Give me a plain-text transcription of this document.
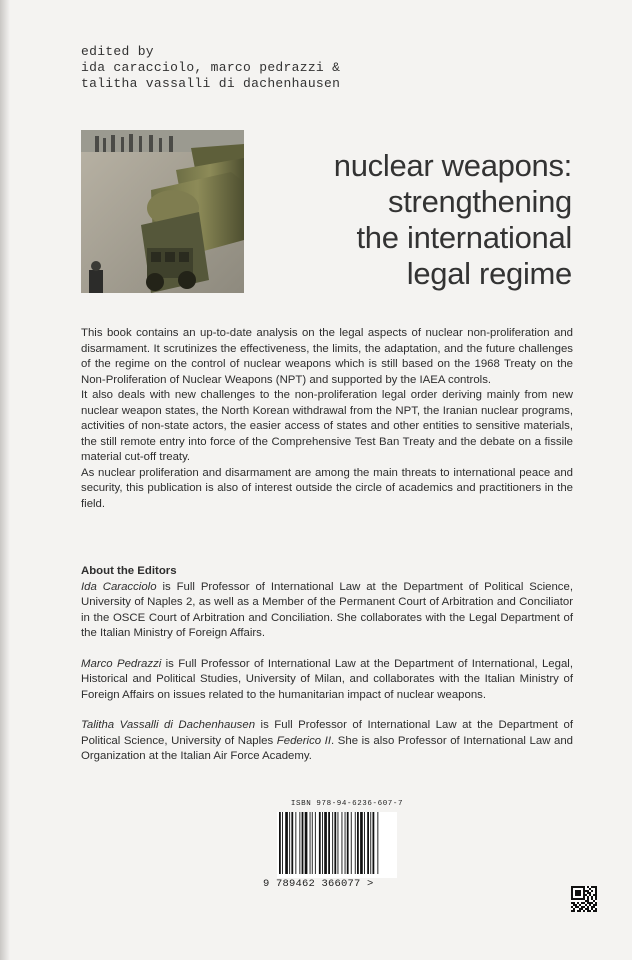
edited by
ida caracciolo, marco pedrazzi &
talitha vassalli di dachenhausen
nuclear weapons:
strengthening
the international
legal regime

This book contains an up-to-date analysis on the legal aspects of nuclear non-proliferation and disarmament. It scrutinizes the effectiveness, the limits, the adaptation, and the future challenges of the regime on the control of nuclear weapons which is still based on the 1968 Treaty on the Non-Proliferation of Nuclear Weapons (NPT) and supported by the IAEA controls.

It also deals with new challenges to the non-proliferation legal order deriving mainly from new nuclear weapon states, the North Korean withdrawal from the NPT, the Iranian nuclear programs, activities of non-state actors, the easier access of states and other entities to sensitive materials, the still remote entry into force of the Comprehensive Test Ban Treaty and the debate on a fissile material cut-off treaty.

As nuclear proliferation and disarmament are among the main threats to international peace and security, this publication is also of interest outside the circle of academics and practitioners in the field.

About the Editors

Ida Caracciolo is Full Professor of International Law at the Department of Political Science, University of Naples 2, as well as a Member of the Permanent Court of Arbitration and Conciliator in the OSCE Court of Arbitration and Conciliation. She collaborates with the Legal Department of the Italian Ministry of Foreign Affairs.

Marco Pedrazzi is Full Professor of International Law at the Department of International, Legal, Historical and Political Studies, University of Milan, and collaborates with the Italian Ministry of Foreign Affairs on issues related to the humanitarian impact of nuclear weapons.

Talitha Vassalli di Dachenhausen is Full Professor of International Law at the Department of Political Science, University of Naples Federico II. She is also Professor of International Law and Organization at the Italian Air Force Academy.

ISBN 978-94-6236-607-7
9 789462 366077 >
